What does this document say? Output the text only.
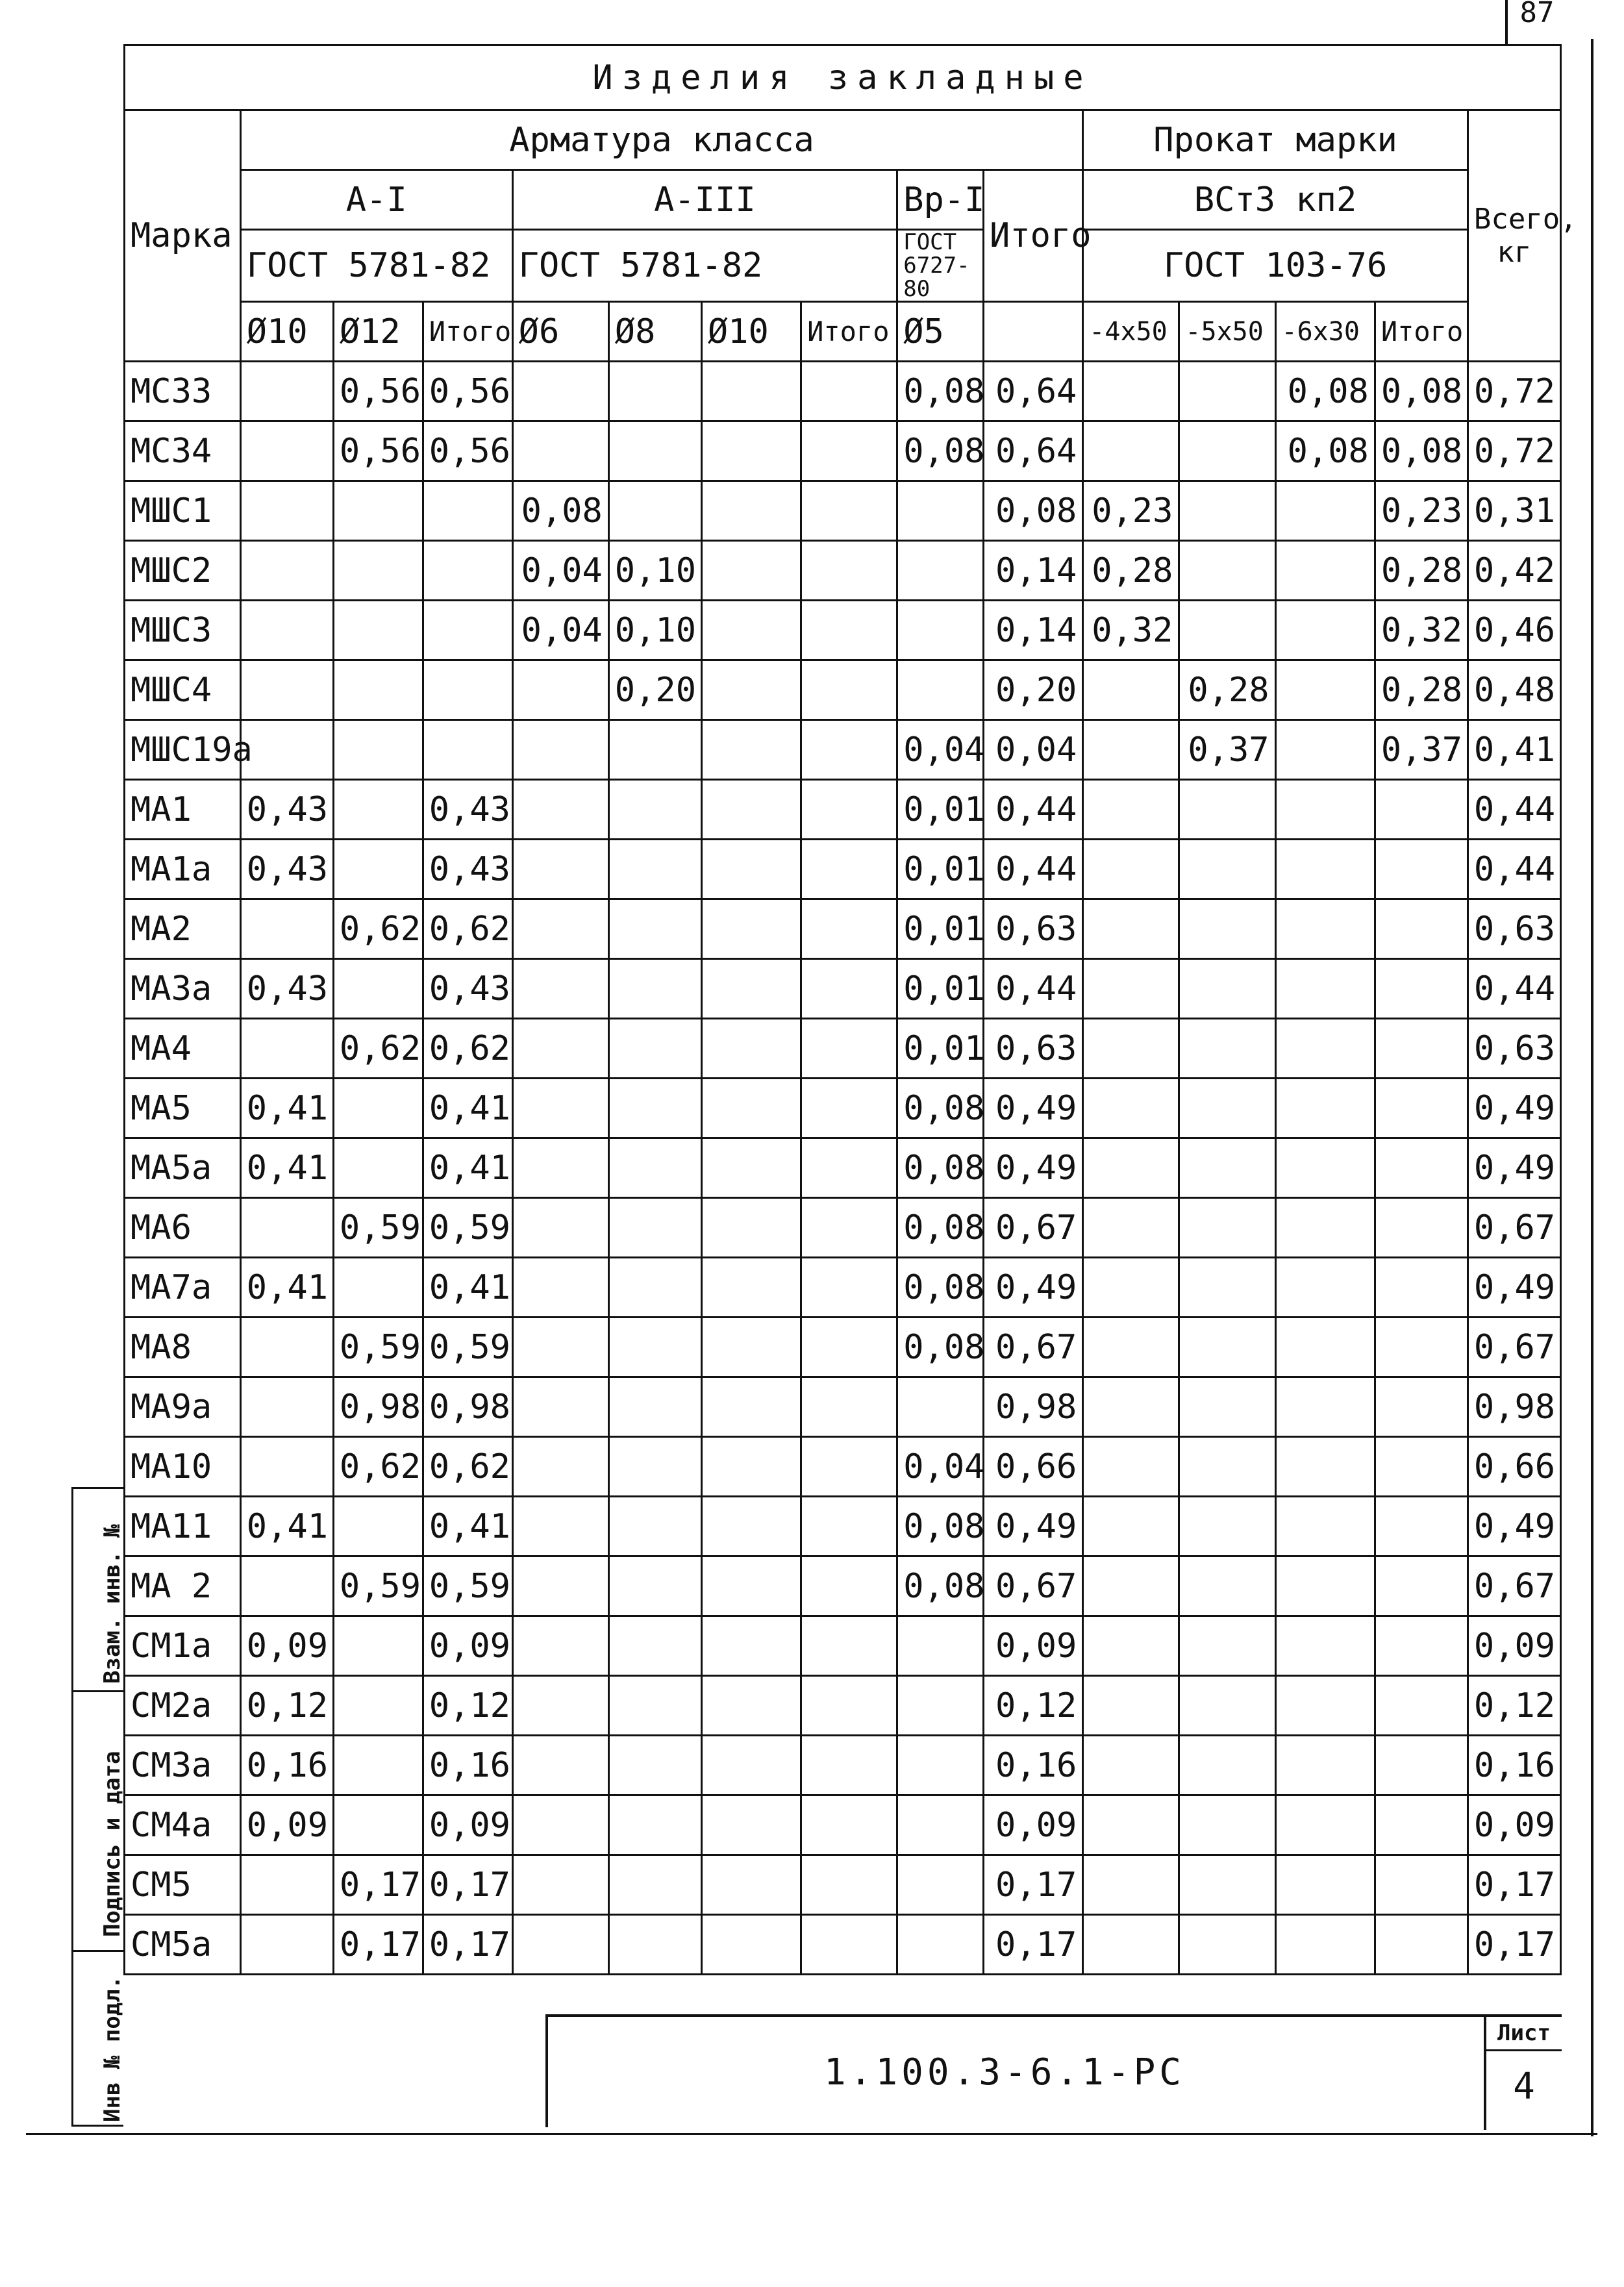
87
Изделия закладные														
Марка	Арматура класса									Прокат марки				Всего, кг
	А-I			А-III				Вр-I	Итого	ВСт3 кп2				
	ГОСТ 5781-82			ГОСТ 5781-82				ГОСТ 6727-80		ГОСТ 103-76				
	Ø10	Ø12	Итого	Ø6	Ø8	Ø10	Итого	Ø5		-4х50	-5х50	-6х30	Итого	
МС33		0,56	0,56					0,08	0,64			0,08	0,08	0,72
МС34		0,56	0,56					0,08	0,64			0,08	0,08	0,72
МШС1				0,08					0,08	0,23			0,23	0,31
МШС2				0,04	0,10				0,14	0,28			0,28	0,42
МШС3				0,04	0,10				0,14	0,32			0,32	0,46
МШС4					0,20				0,20		0,28		0,28	0,48
МШС19а								0,04	0,04		0,37		0,37	0,41
МА1	0,43		0,43					0,01	0,44					0,44
МА1а	0,43		0,43					0,01	0,44					0,44
МА2		0,62	0,62					0,01	0,63					0,63
МА3а	0,43		0,43					0,01	0,44					0,44
МА4		0,62	0,62					0,01	0,63					0,63
МА5	0,41		0,41					0,08	0,49					0,49
МА5а	0,41		0,41					0,08	0,49					0,49
МА6		0,59	0,59					0,08	0,67					0,67
МА7а	0,41		0,41					0,08	0,49					0,49
МА8		0,59	0,59					0,08	0,67					0,67
МА9а		0,98	0,98						0,98					0,98
МА10		0,62	0,62					0,04	0,66					0,66
МА11	0,41		0,41					0,08	0,49					0,49
МА 2		0,59	0,59					0,08	0,67					0,67
СМ1а	0,09		0,09						0,09					0,09
СМ2а	0,12		0,12						0,12					0,12
СМ3а	0,16		0,16						0,16					0,16
СМ4а	0,09		0,09						0,09					0,09
СМ5		0,17	0,17						0,17					0,17
СМ5а		0,17	0,17						0,17					0,17
Взам. инв. №
Подпись и дата
Инв № подл.	1.100.3-6.1-РС
Лист
4
